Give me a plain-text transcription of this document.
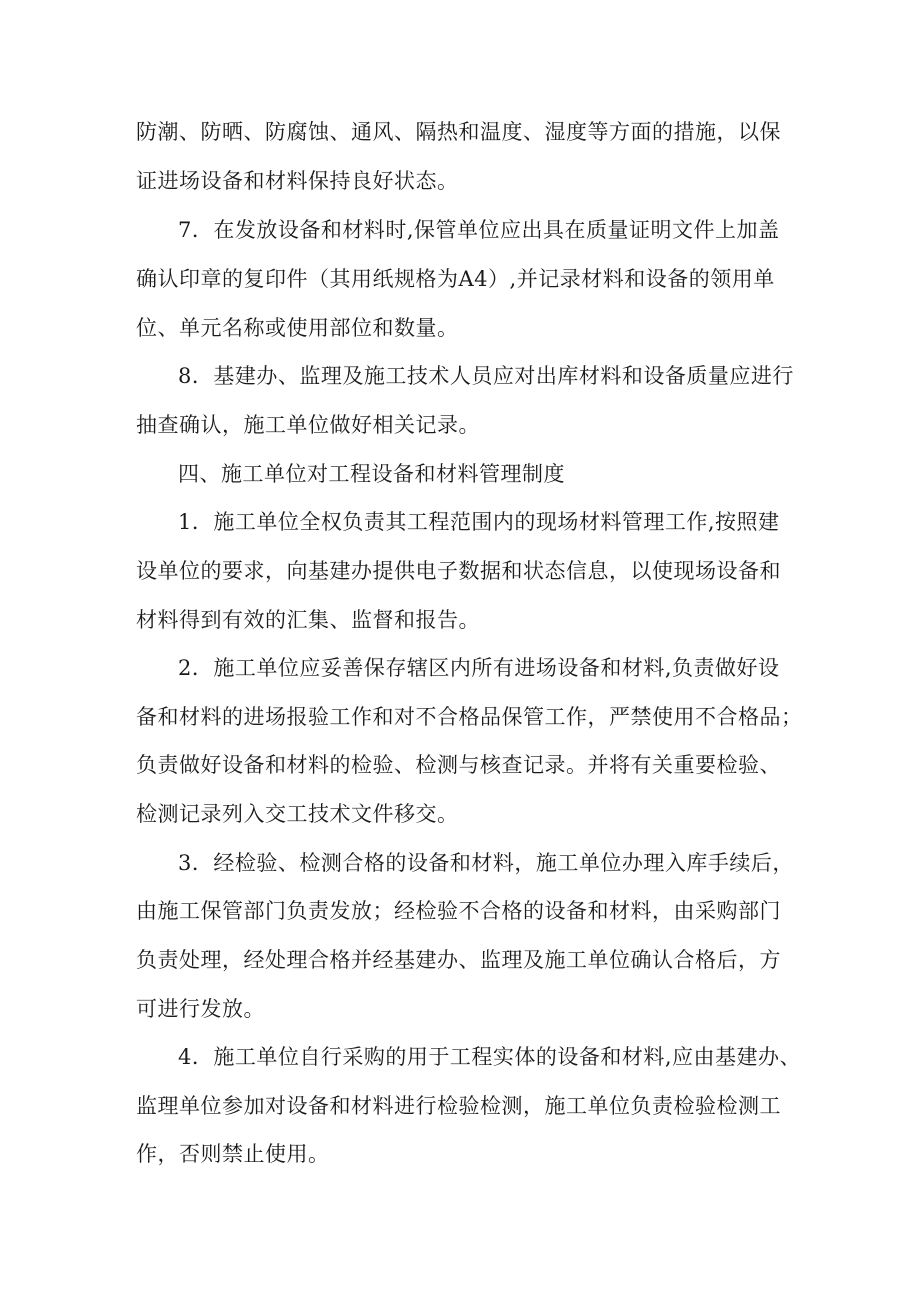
防潮、防晒、防腐蚀、通风、隔热和温度、湿度等方面的措施，以保
证进场设备和材料保持良好状态。
7．在发放设备和材料时,保管单位应出具在质量证明文件上加盖
确认印章的复印件（其用纸规格为A4）,并记录材料和设备的领用单
位、单元名称或使用部位和数量。
8．基建办、监理及施工技术人员应对出库材料和设备质量应进行
抽查确认，施工单位做好相关记录。
四、施工单位对工程设备和材料管理制度
1．施工单位全权负责其工程范围内的现场材料管理工作,按照建
设单位的要求，向基建办提供电子数据和状态信息，以使现场设备和
材料得到有效的汇集、监督和报告。
2．施工单位应妥善保存辖区内所有进场设备和材料,负责做好设
备和材料的进场报验工作和对不合格品保管工作，严禁使用不合格品；
负责做好设备和材料的检验、检测与核查记录。并将有关重要检验、
检测记录列入交工技术文件移交。
3．经检验、检测合格的设备和材料，施工单位办理入库手续后，
由施工保管部门负责发放；经检验不合格的设备和材料，由采购部门
负责处理，经处理合格并经基建办、监理及施工单位确认合格后，方
可进行发放。
4．施工单位自行采购的用于工程实体的设备和材料,应由基建办、
监理单位参加对设备和材料进行检验检测，施工单位负责检验检测工
作，否则禁止使用。
